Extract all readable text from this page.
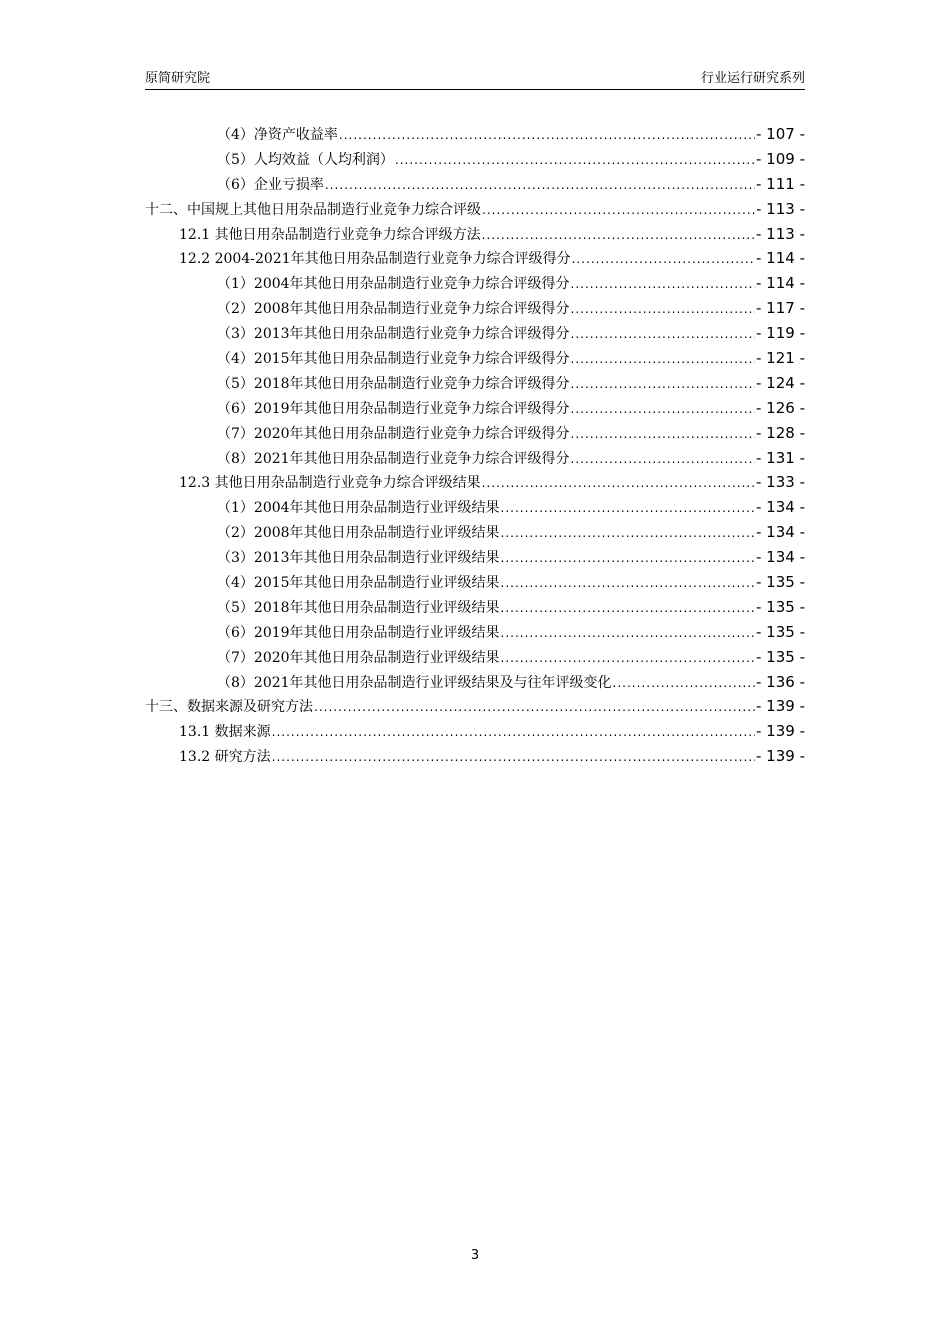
原简研究院	行业运行研究系列
（4）净资产收益率 .....	- 107 -
（5）人均效益（人均利润） .....	- 109 -
（6）企业亏损率 .....	- 111 -
十二、中国规上其他日用杂品制造行业竞争力综合评级 .....	- 113 -
12.1 其他日用杂品制造行业竞争力综合评级方法 .....	- 113 -
12.2 2004-2021年其他日用杂品制造行业竞争力综合评级得分 .....	- 114 -
（1）2004年其他日用杂品制造行业竞争力综合评级得分 .....	- 114 -
（2）2008年其他日用杂品制造行业竞争力综合评级得分 .....	- 117 -
（3）2013年其他日用杂品制造行业竞争力综合评级得分 .....	- 119 -
（4）2015年其他日用杂品制造行业竞争力综合评级得分 .....	- 121 -
（5）2018年其他日用杂品制造行业竞争力综合评级得分 .....	- 124 -
（6）2019年其他日用杂品制造行业竞争力综合评级得分 .....	- 126 -
（7）2020年其他日用杂品制造行业竞争力综合评级得分 .....	- 128 -
（8）2021年其他日用杂品制造行业竞争力综合评级得分 .....	- 131 -
12.3 其他日用杂品制造行业竞争力综合评级结果 .....	- 133 -
（1）2004年其他日用杂品制造行业评级结果 .....	- 134 -
（2）2008年其他日用杂品制造行业评级结果 .....	- 134 -
（3）2013年其他日用杂品制造行业评级结果 .....	- 134 -
（4）2015年其他日用杂品制造行业评级结果 .....	- 135 -
（5）2018年其他日用杂品制造行业评级结果 .....	- 135 -
（6）2019年其他日用杂品制造行业评级结果 .....	- 135 -
（7）2020年其他日用杂品制造行业评级结果 .....	- 135 -
（8）2021年其他日用杂品制造行业评级结果及与往年评级变化 .....	- 136 -
十三、数据来源及研究方法 .....	- 139 -
13.1 数据来源 .....	- 139 -
13.2 研究方法 .....	- 139 -
3
